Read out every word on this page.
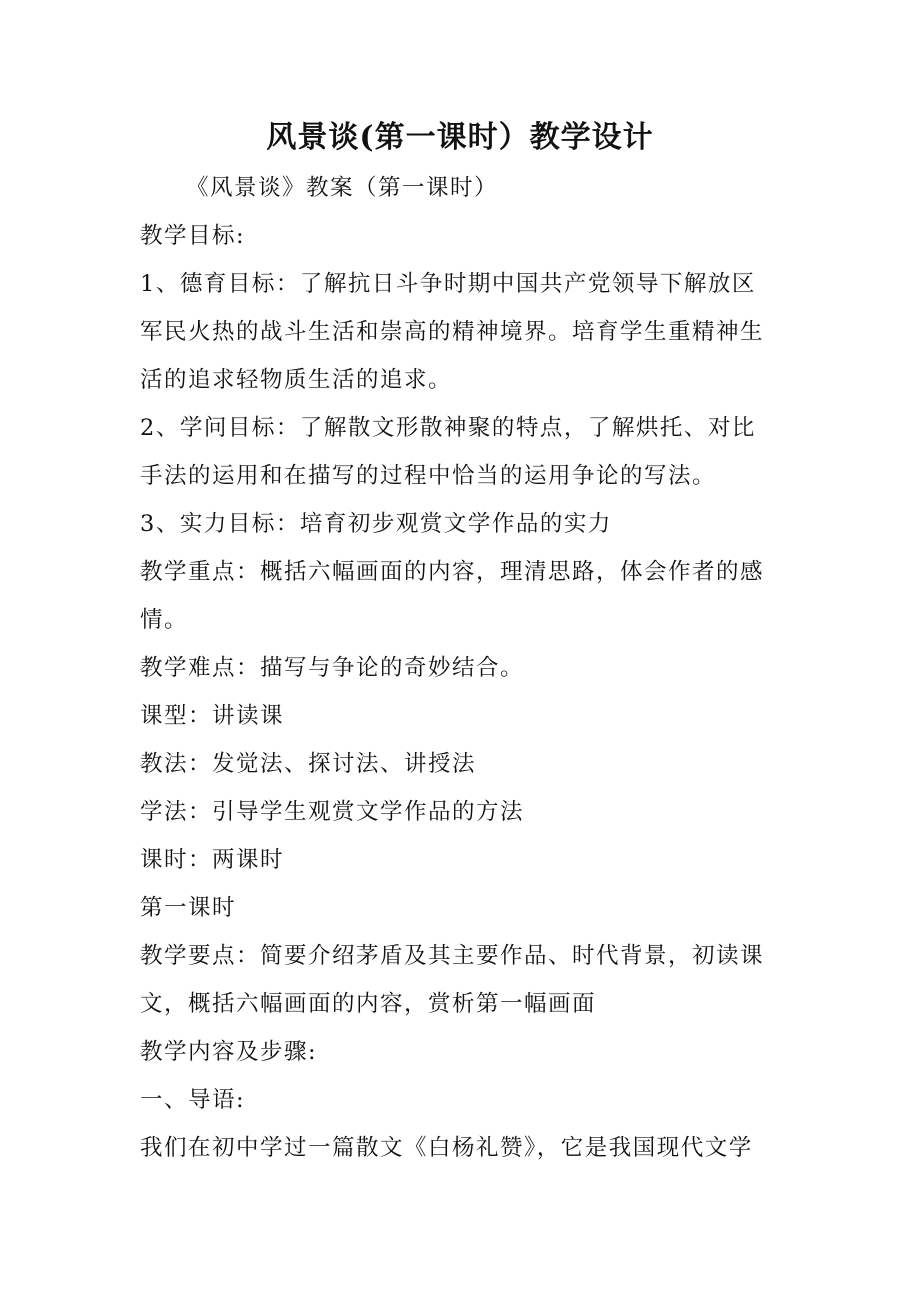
风景谈(第一课时）教学设计
《风景谈》教案（第一课时）
教学目标:
1、德育目标：了解抗日斗争时期中国共产党领导下解放区
军民火热的战斗生活和崇高的精神境界。培育学生重精神生
活的追求轻物质生活的追求。
2、学问目标：了解散文形散神聚的特点，了解烘托、对比
手法的运用和在描写的过程中恰当的运用争论的写法。
3、实力目标：培育初步观赏文学作品的实力
教学重点：概括六幅画面的内容，理清思路，体会作者的感
情。
教学难点：描写与争论的奇妙结合。
课型：讲读课
教法：发觉法、探讨法、讲授法
学法：引导学生观赏文学作品的方法
课时：两课时
第一课时
教学要点：简要介绍茅盾及其主要作品、时代背景，初读课
文，概括六幅画面的内容，赏析第一幅画面
教学内容及步骤:
一、导语:
我们在初中学过一篇散文《白杨礼赞》，它是我国现代文学
